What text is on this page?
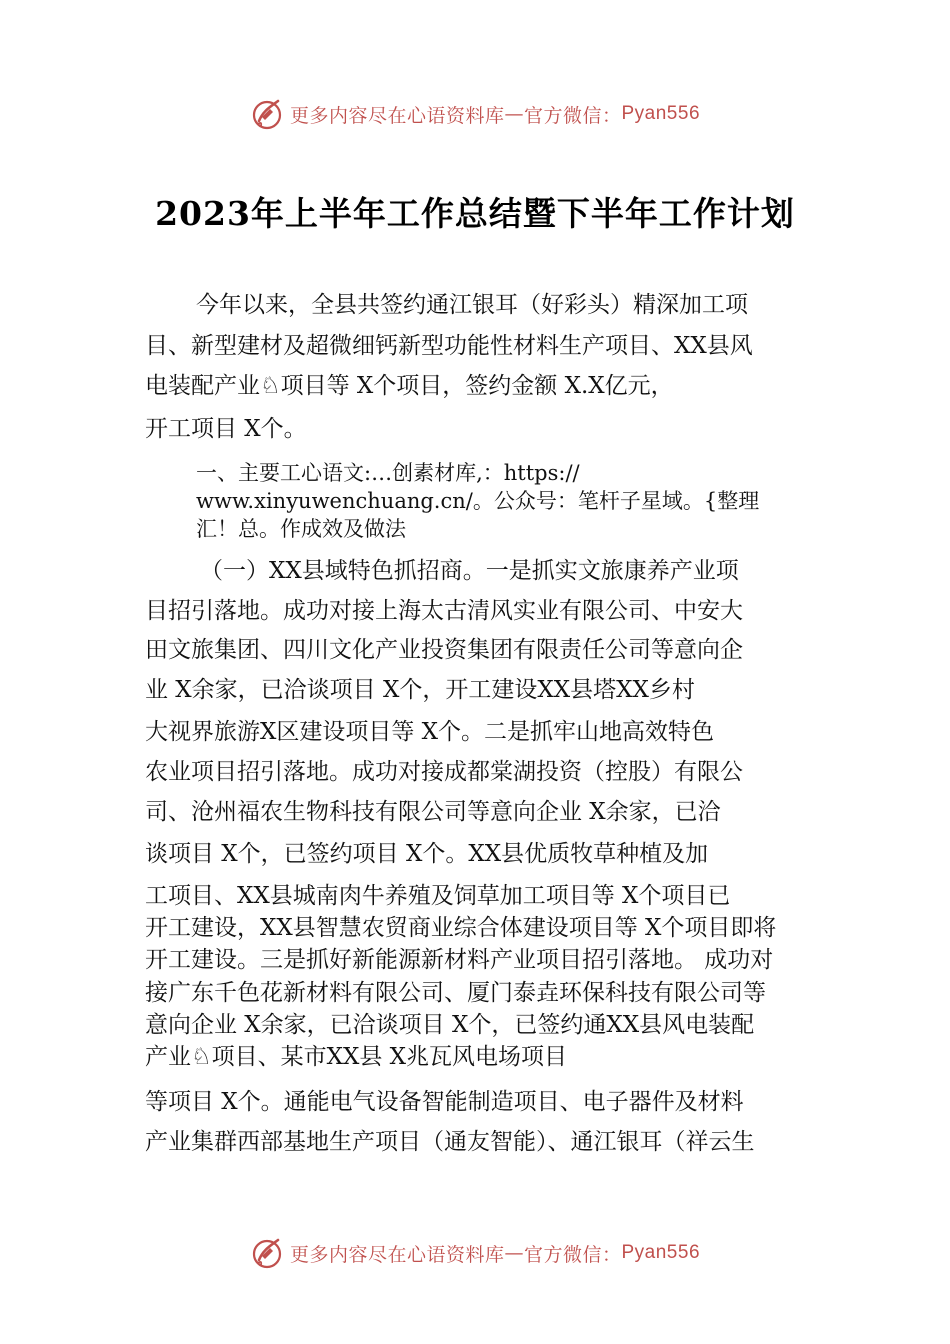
更多内容尽在心语资料库 — 官方微信： Pyan556
2023年上半年工作总结暨下半年工作计划
今年以来，全县共签约通江银耳（好彩头）精深加工项
目、新型建材及超微细钙新型功能性材料生产项目、XX县风
电装配产业♘项目等 X个项目，签约金额 X.X亿元，
开工项目 X个。
一、主要工心语文:…创素材库,：https://
www.xinyuwenchuang.cn/。公众号：笔杆子星域。{整理
汇！总。作成效及做法
（一）XX县域特色抓招商。一是抓实文旅康养产业项
目招引落地。成功对接上海太古清风实业有限公司、中安大
田文旅集团、四川文化产业投资集团有限责任公司等意向企
业 X余家，已洽谈项目 X个，开工建设XX县塔XX乡村
大视界旅游X区建设项目等 X个。二是抓牢山地高效特色
农业项目招引落地。成功对接成都棠湖投资（控股）有限公
司、沧州福农生物科技有限公司等意向企业 X余家，已洽
谈项目 X个，已签约项目 X个。XX县优质牧草种植及加
工项目、XX县城南肉牛养殖及饲草加工项目等 X个项目已
开工建设，XX县智慧农贸商业综合体建设项目等 X个项目即将
开工建设。三是抓好新能源新材料产业项目招引落地。 成功对
接广东千色花新材料有限公司、厦门泰垚环保科技有限公司等
意向企业 X余家，已洽谈项目 X个，已签约通XX县风电装配
产业♘项目、某市XX县 X兆瓦风电场项目
等项目 X个。通能电气设备智能制造项目、电子器件及材料
产业集群西部基地生产项目（通友智能）、通江银耳（祥云生
更多内容尽在心语资料库 — 官方微信： Pyan556
